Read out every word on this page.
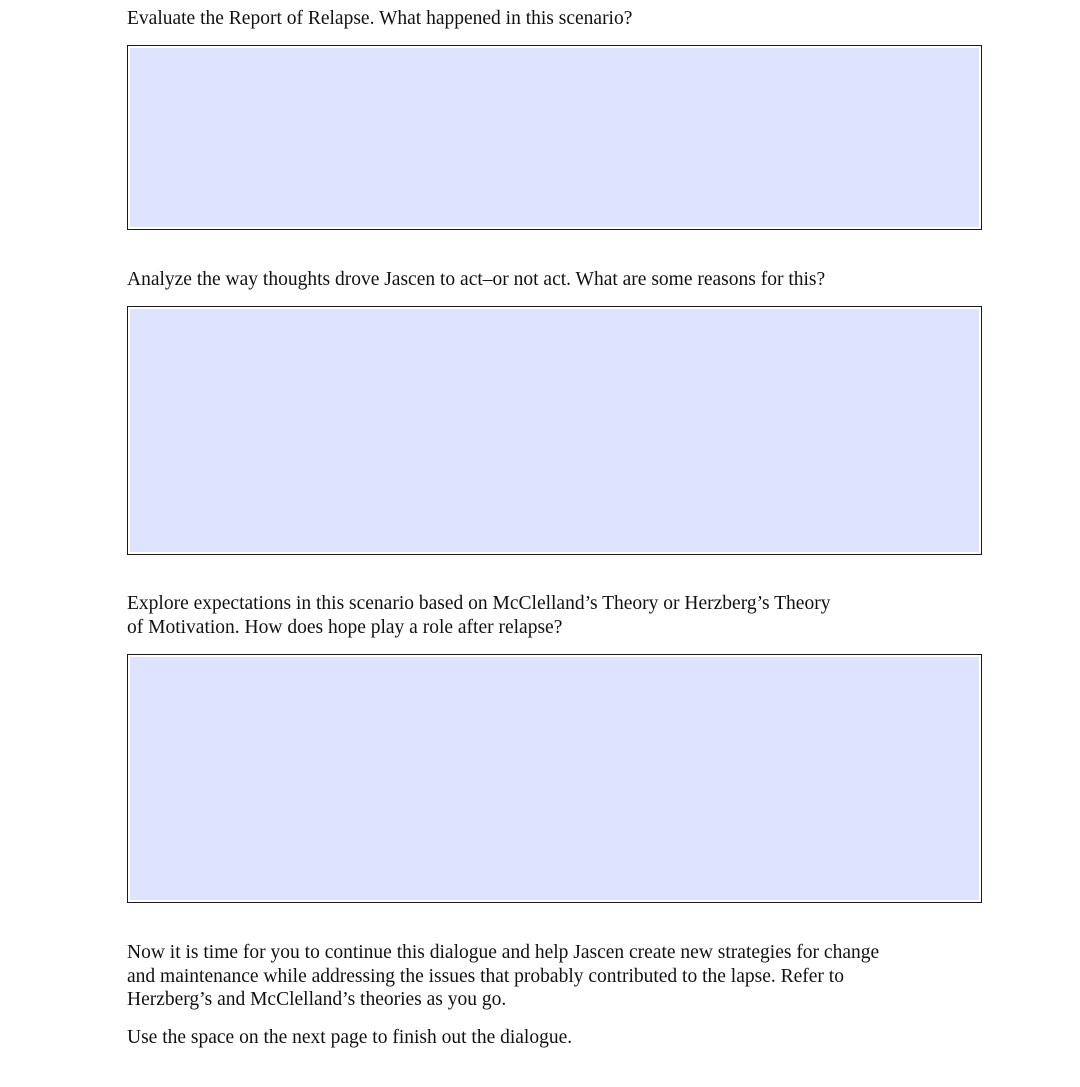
Evaluate the Report of Relapse. What happened in this scenario?

Analyze the way thoughts drove Jascen to act–or not act. What are some reasons for this?

Explore expectations in this scenario based on McClelland’s Theory or Herzberg’s Theory
of Motivation. How does hope play a role after relapse?

Now it is time for you to continue this dialogue and help Jascen create new strategies for change
and maintenance while addressing the issues that probably contributed to the lapse. Refer to
Herzberg’s and McClelland’s theories as you go.

Use the space on the next page to finish out the dialogue.
